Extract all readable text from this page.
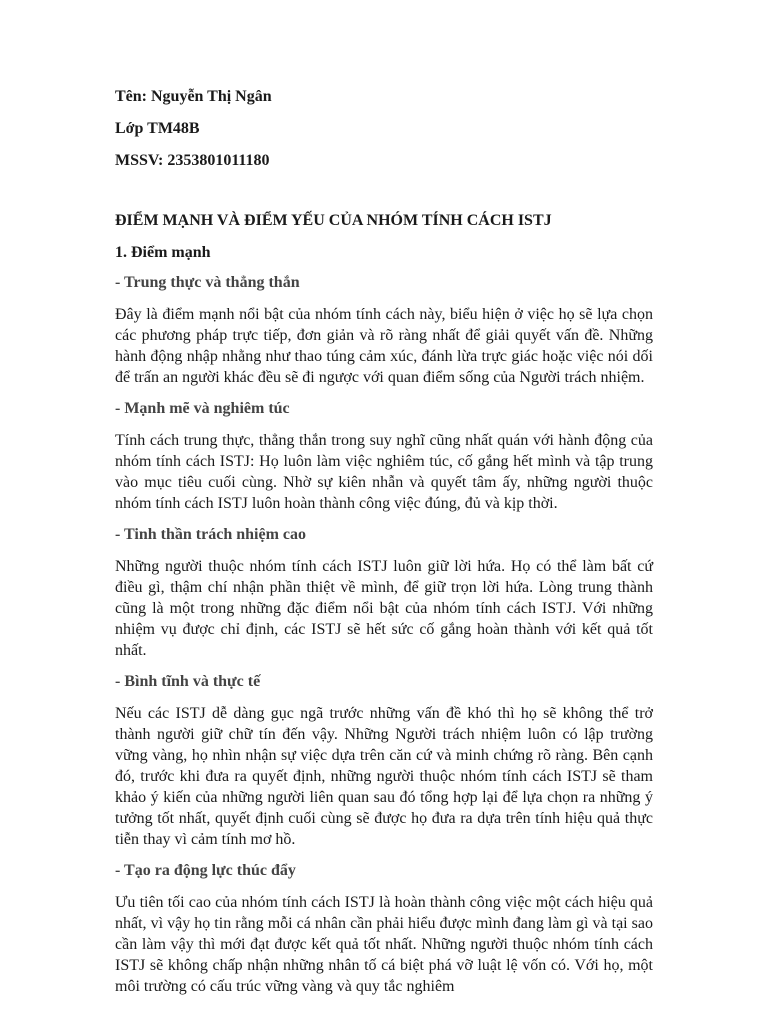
Tên: Nguyễn Thị Ngân
Lớp TM48B
MSSV: 2353801011180
ĐIỂM MẠNH VÀ ĐIỂM YẾU CỦA NHÓM TÍNH CÁCH ISTJ
1. Điểm mạnh
- Trung thực và thẳng thắn

Đây là điểm mạnh nổi bật của nhóm tính cách này, biểu hiện ở việc họ sẽ lựa chọn các phương pháp trực tiếp, đơn giản và rõ ràng nhất để giải quyết vấn đề. Những hành động nhập nhằng như thao túng cảm xúc, đánh lừa trực giác hoặc việc nói dối để trấn an người khác đều sẽ đi ngược với quan điểm sống của Người trách nhiệm.

- Mạnh mẽ và nghiêm túc

Tính cách trung thực, thẳng thắn trong suy nghĩ cũng nhất quán với hành động của nhóm tính cách ISTJ: Họ luôn làm việc nghiêm túc, cố gắng hết mình và tập trung vào mục tiêu cuối cùng. Nhờ sự kiên nhẫn và quyết tâm ấy, những người thuộc nhóm tính cách ISTJ luôn hoàn thành công việc đúng, đủ và kịp thời.

- Tinh thần trách nhiệm cao

Những người thuộc nhóm tính cách ISTJ luôn giữ lời hứa. Họ có thể làm bất cứ điều gì, thậm chí nhận phần thiệt về mình, để giữ trọn lời hứa. Lòng trung thành cũng là một trong những đặc điểm nổi bật của nhóm tính cách ISTJ. Với những nhiệm vụ được chỉ định, các ISTJ sẽ hết sức cố gắng hoàn thành với kết quả tốt nhất.

- Bình tĩnh và thực tế

Nếu các ISTJ dễ dàng gục ngã trước những vấn đề khó thì họ sẽ không thể trở thành người giữ chữ tín đến vậy. Những Người trách nhiệm luôn có lập trường vững vàng, họ nhìn nhận sự việc dựa trên căn cứ và minh chứng rõ ràng. Bên cạnh đó, trước khi đưa ra quyết định, những người thuộc nhóm tính cách ISTJ sẽ tham khảo ý kiến của những người liên quan sau đó tổng hợp lại để lựa chọn ra những ý tưởng tốt nhất, quyết định cuối cùng sẽ được họ đưa ra dựa trên tính hiệu quả thực tiễn thay vì cảm tính mơ hồ.

- Tạo ra động lực thúc đẩy

Ưu tiên tối cao của nhóm tính cách ISTJ là hoàn thành công việc một cách hiệu quả nhất, vì vậy họ tin rằng mỗi cá nhân cần phải hiểu được mình đang làm gì và tại sao cần làm vậy thì mới đạt được kết quả tốt nhất. Những người thuộc nhóm tính cách ISTJ sẽ không chấp nhận những nhân tố cá biệt phá vỡ luật lệ vốn có. Với họ, một môi trường có cấu trúc vững vàng và quy tắc nghiêm
